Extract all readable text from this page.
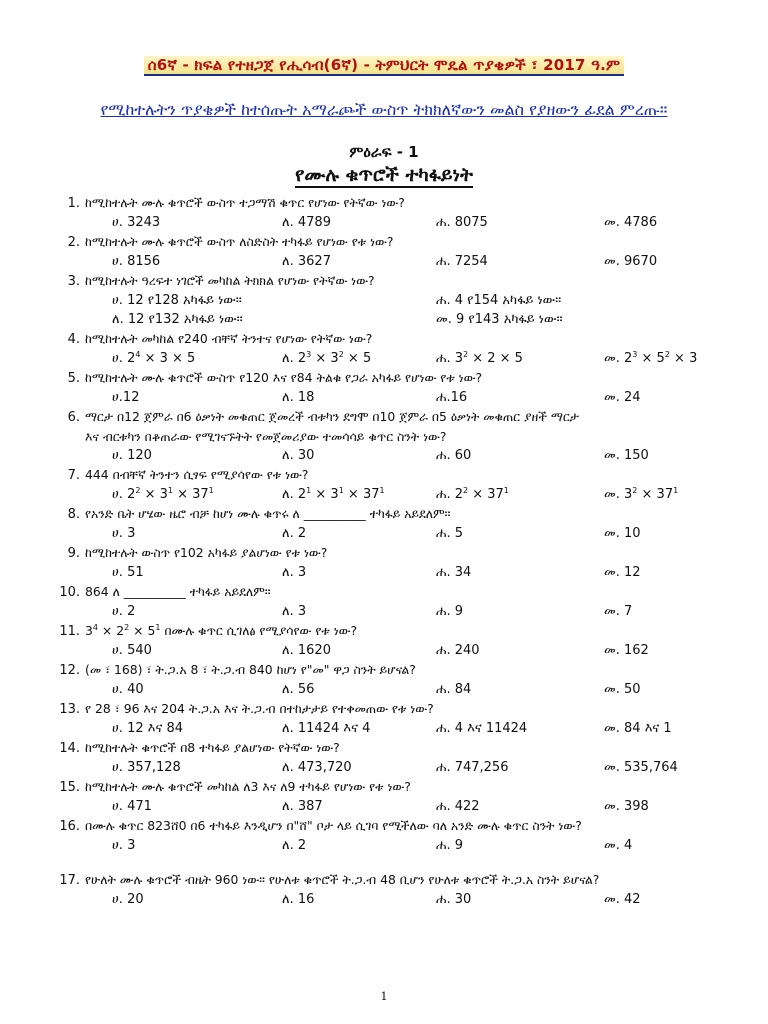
ሰ6ኛ - ክፍል የተዘጋጀ የሒሳብ(6ኛ) - ትምህርት ሞዴል ጥያቄዎች ፣ 2017 ዓ.ም
የሚከተሉትን ጥያቄዎች ከተሰጡት አማራጮች ውስጥ ትክክለኛውን መልስ የያዘውን ፊደል ምረጡ።
ምዕራፍ - 1
የሙሉ ቁጥሮች ተካፋይነት
1. ከሚከተሉት ሙሉ ቁጥሮች ውስጥ ተጋማሽ ቁጥር የሆነው የትኛው ነው?
ሀ. 3243	ለ. 4789	ሐ. 8075	መ. 4786
2. ከሚከተሉት ሙሉ ቁጥሮች ውስጥ ለስድስት ተካፋይ የሆነው የቱ ነው?
ሀ. 8156	ለ. 3627	ሐ. 7254	መ. 9670
3. ከሚከተሉት ዓረፍተ ነገሮች መካከል ትክክል የሆነው የትኛው ነው?
ሀ. 12 የ128 አካፋይ ነው።	ሐ. 4 የ154 አካፋይ ነው።
ለ. 12 የ132 አካፋይ ነው።	መ. 9 የ143 አካፋይ ነው።
4. ከሚከተሉት መካከል የ240 ብቸኛ ትንተና የሆነው የትኛው ነው?
ሀ. $2^4 \times 3 \times 5$	ለ. $2^3 \times 3^2 \times 5$	ሐ. $3^2 \times 2 \times 5$	መ. $2^3 \times 5^2 \times 3$
5. ከሚከተሉት ሙሉ ቁጥሮች ውስጥ የ120 እና የ84 ትልቁ የጋራ አካፋይ የሆነው የቱ ነው?
ሀ.12	ለ. 18	ሐ.16	መ. 24
6. ማርታ በ12 ጀምራ በ6 ዕቃነት መቁጠር ጀመረች ብቱካን ደግሞ በ10 ጀምራ በ5 ዕቃነት መቁጠር ያዘች ማርታ
እና ብርቱካን በቆጠራው የሚገናኙትት የመጀመሪያው ተመሳሳይ ቁጥር ስንት ነው?
ሀ. 120	ለ. 30	ሐ. 60	መ. 150
7. 444 በብቸኛ ትንተን ሲፃፍ የሚያሳየው የቱ ነው?
ሀ. $2^2 \times 3^1 \times 37^1$	ለ. $2^1 \times 3^1 \times 37^1$	ሐ. $2^2 \times 37^1$	መ. $3^2 \times 37^1$
8. የአንድ ቤት ሆሄው ዜሮ ብቻ ከሆነ ሙሉ ቁጥሩ ለ __________ ተካፋይ አይደለም።
ሀ. 3	ለ. 2	ሐ. 5	መ. 10
9. ከሚከተሉት ውስጥ የ102 አካፋይ ያልሆነው የቱ ነው?
ሀ. 51	ለ. 3	ሐ. 34	መ. 12
10. 864 ለ __________ ተካፋይ አይደለም።
ሀ. 2	ለ. 3	ሐ. 9	መ. 7
11. $3^4 \times 2^2 \times 5^1$ በሙሉ ቁጥር ሲገለፅ የሚያሳየው የቱ ነው?
ሀ. 540	ለ. 1620	ሐ. 240	መ. 162
12. (መ ፣ 168) ፣ ት.ጋ.አ 8 ፣ ት.ጋ.ብ 840 ከሆነ የ"መ" ዋጋ ስንት ይሆናል?
ሀ. 40	ለ. 56	ሐ. 84	መ. 50
13. የ 28 ፣ 96 እና 204 ት.ጋ.አ እና ት.ጋ.ብ በተከታታይ የተቀመጠው የቱ ነው?
ሀ. 12 እና 84	ለ. 11424 እና 4	ሐ. 4 እና 11424	መ. 84 እና 1
14. ከሚከተሉት ቁጥሮች በ8 ተካፋይ ያልሆነው የትኛው ነው?
ሀ. 357,128	ለ. 473,720	ሐ. 747,256	መ. 535,764
15. ከሚከተሉት ሙሉ ቁጥሮች መካከል ለ3 እና ለ9 ተካፋይ የሆነው የቱ ነው?
ሀ. 471	ለ. 387	ሐ. 422	መ. 398
16. በሙሉ ቁጥር 823ሸ0 በ6 ተካፋይ እንዲሆን በ"ሸ" ቦታ ላይ ሲገባ የሚችለው ባለ አንድ ሙሉ ቁጥር ስንት ነው?
ሀ. 3	ለ. 2	ሐ. 9	መ. 4
17. የሁለት ሙሉ ቁጥሮች ብዜት 960 ነው። የሁለቱ ቁጥሮች ት.ጋ.ብ 48 ቢሆን የሁለቱ ቁጥሮች ት.ጋ.አ ስንት ይሆናል?
ሀ. 20	ለ. 16	ሐ. 30	መ. 42
1
